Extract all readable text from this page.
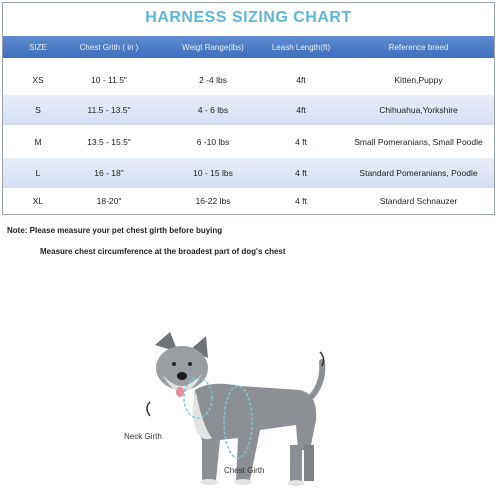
HARNESS SIZING CHART
SIZE	Chest Grith ( in )	Weigt Range(lbs)	Leash Length(ft)	Reference breed
XS	10 - 11.5"	2 -4 lbs	4ft	Kitten,Puppy
S	11.5 - 13.5"	4 - 6 lbs	4ft	Chihuahua,Yorkshire
M	13.5 - 15.5"	6 -10 lbs	4 ft	Small Pomeranians, Small Poodle
L	16 - 18"	10 - 15 lbs	4 ft	Standard Pomeranians, Poodle
XL	18-20"	16-22 lbs	4 ft	Standard Schnauzer
Note: Please measure your pet chest girth before buying
Measure chest circumference at the broadest part of dog's chest
Neck Girth
Chest Girth
